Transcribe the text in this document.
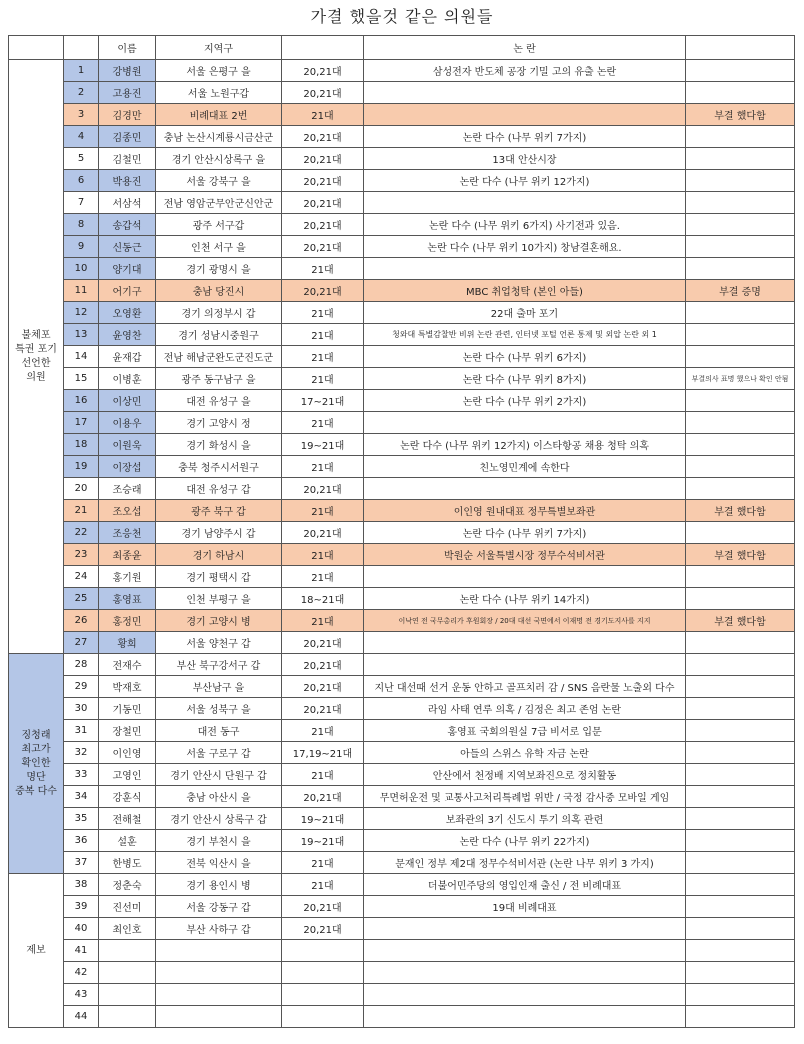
가결 했을것 같은 의원들
		이름	지역구		논 란	
불체포
특권 포기
선언한
의원	1	강병원	서울 은평구 을	20,21대	삼성전자 반도체 공장 기밀 고의 유출 논란	
	2	고용진	서울 노원구갑	20,21대		
	3	김경만	비례대표 2번	21대		부결 했다함
	4	김종민	충남 논산시계룡시금산군	20,21대	논란 다수 (나무 위키 7가지)	
	5	김철민	경기 안산시상록구 을	20,21대	13대 안산시장	
	6	박용진	서울 강북구 을	20,21대	논란 다수 (나무 위키 12가지)	
	7	서삼석	전남 영암군무안군신안군	20,21대		
	8	송갑석	광주 서구갑	20,21대	논란 다수 (나무 위키 6가지) 사기전과 있음.	
	9	신동근	인천 서구 을	20,21대	논란 다수 (나무 위키 10가지) 창남결혼해요.	
	10	양기대	경기 광명시 을	21대		
	11	어기구	충남 당진시	20,21대	MBC 취업청탁 (본인 아들)	부결 증명
	12	오영환	경기 의정부시 갑	21대	22대 출마 포기	
	13	윤영찬	경기 성남시중원구	21대	청와대 특별감찰반 비위 논란 관련, 인터넷 포털 언론 통제 및 외압 논란 외 1	
	14	윤재갑	전남 해남군완도군진도군	21대	논란 다수 (나무 위키 6가지)	
	15	이병훈	광주 동구남구 을	21대	논란 다수 (나무 위키 8가지)	부결의사 표명 했으나 확인 안됨
	16	이상민	대전 유성구 을	17~21대	논란 다수 (나무 위키 2가지)	
	17	이용우	경기 고양시 정	21대		
	18	이원욱	경기 화성시 을	19~21대	논란 다수 (나무 위키 12가지) 이스타항공 채용 청탁 의혹	
	19	이장섭	충북 청주시서원구	21대	친노영민계에 속한다	
	20	조승래	대전 유성구 갑	20,21대		
	21	조오섭	광주 북구 갑	21대	이인영 원내대표 정무특별보좌관	부결 했다함
	22	조응천	경기 남양주시 갑	20,21대	논란 다수 (나무 위키 7가지)	
	23	최종윤	경기 하남시	21대	박원순 서울특별시장 정무수석비서관	부결 했다함
	24	홍기원	경기 평택시 갑	21대		
	25	홍영표	인천 부평구 을	18~21대	논란 다수 (나무 위키 14가지)	
	26	홍정민	경기 고양시 병	21대	이낙연 전 국무총리가 후원회장 / 20대 대선 국면에서 이재명 전 경기도지사를 지지	부결 했다함
	27	황희	서울 양천구 갑	20,21대		
징청래
최고가
확인한
명단
중복 다수	28	전재수	부산 북구강서구 갑	20,21대		
	29	박재호	부산남구 을	20,21대	지난 대선때 선거 운동 안하고 골프치러 감 / SNS 음란물 노출외 다수	
	30	기동민	서울 성북구 을	20,21대	라임 사태 연루 의혹 / 김정은 최고 존엄 논란	
	31	장철민	대전 동구	21대	홍영표 국회의원실 7급 비서로 입문	
	32	이인영	서울 구로구 갑	17,19~21대	아들의 스위스 유학 자금 논란	
	33	고영인	경기 안산시 단원구 갑	21대	안산에서 천정배 지역보좌진으로 정치활동	
	34	강훈식	충남 아산시 을	20,21대	무면허운전 및 교통사고처리특례법 위반 / 국정 감사중 모바일 게임	
	35	전해철	경기 안산시 상록구 갑	19~21대	보좌관의 3기 신도시 투기 의혹 관련	
	36	설훈	경기 부천시 을	19~21대	논란 다수 (나무 위키 22가지)	
	37	한병도	전북 익산시 을	21대	문재인 정부 제2대 정무수석비서관 (논란 나무 위키 3 가지)	
제보	38	정춘숙	경기 용인시 병	21대	더불어민주당의 영입인재 출신 / 전 비례대표	
	39	진선미	서울 강동구 갑	20,21대	19대 비례대표	
	40	최인호	부산 사하구 갑	20,21대		
	41					
	42					
	43					
	44					
